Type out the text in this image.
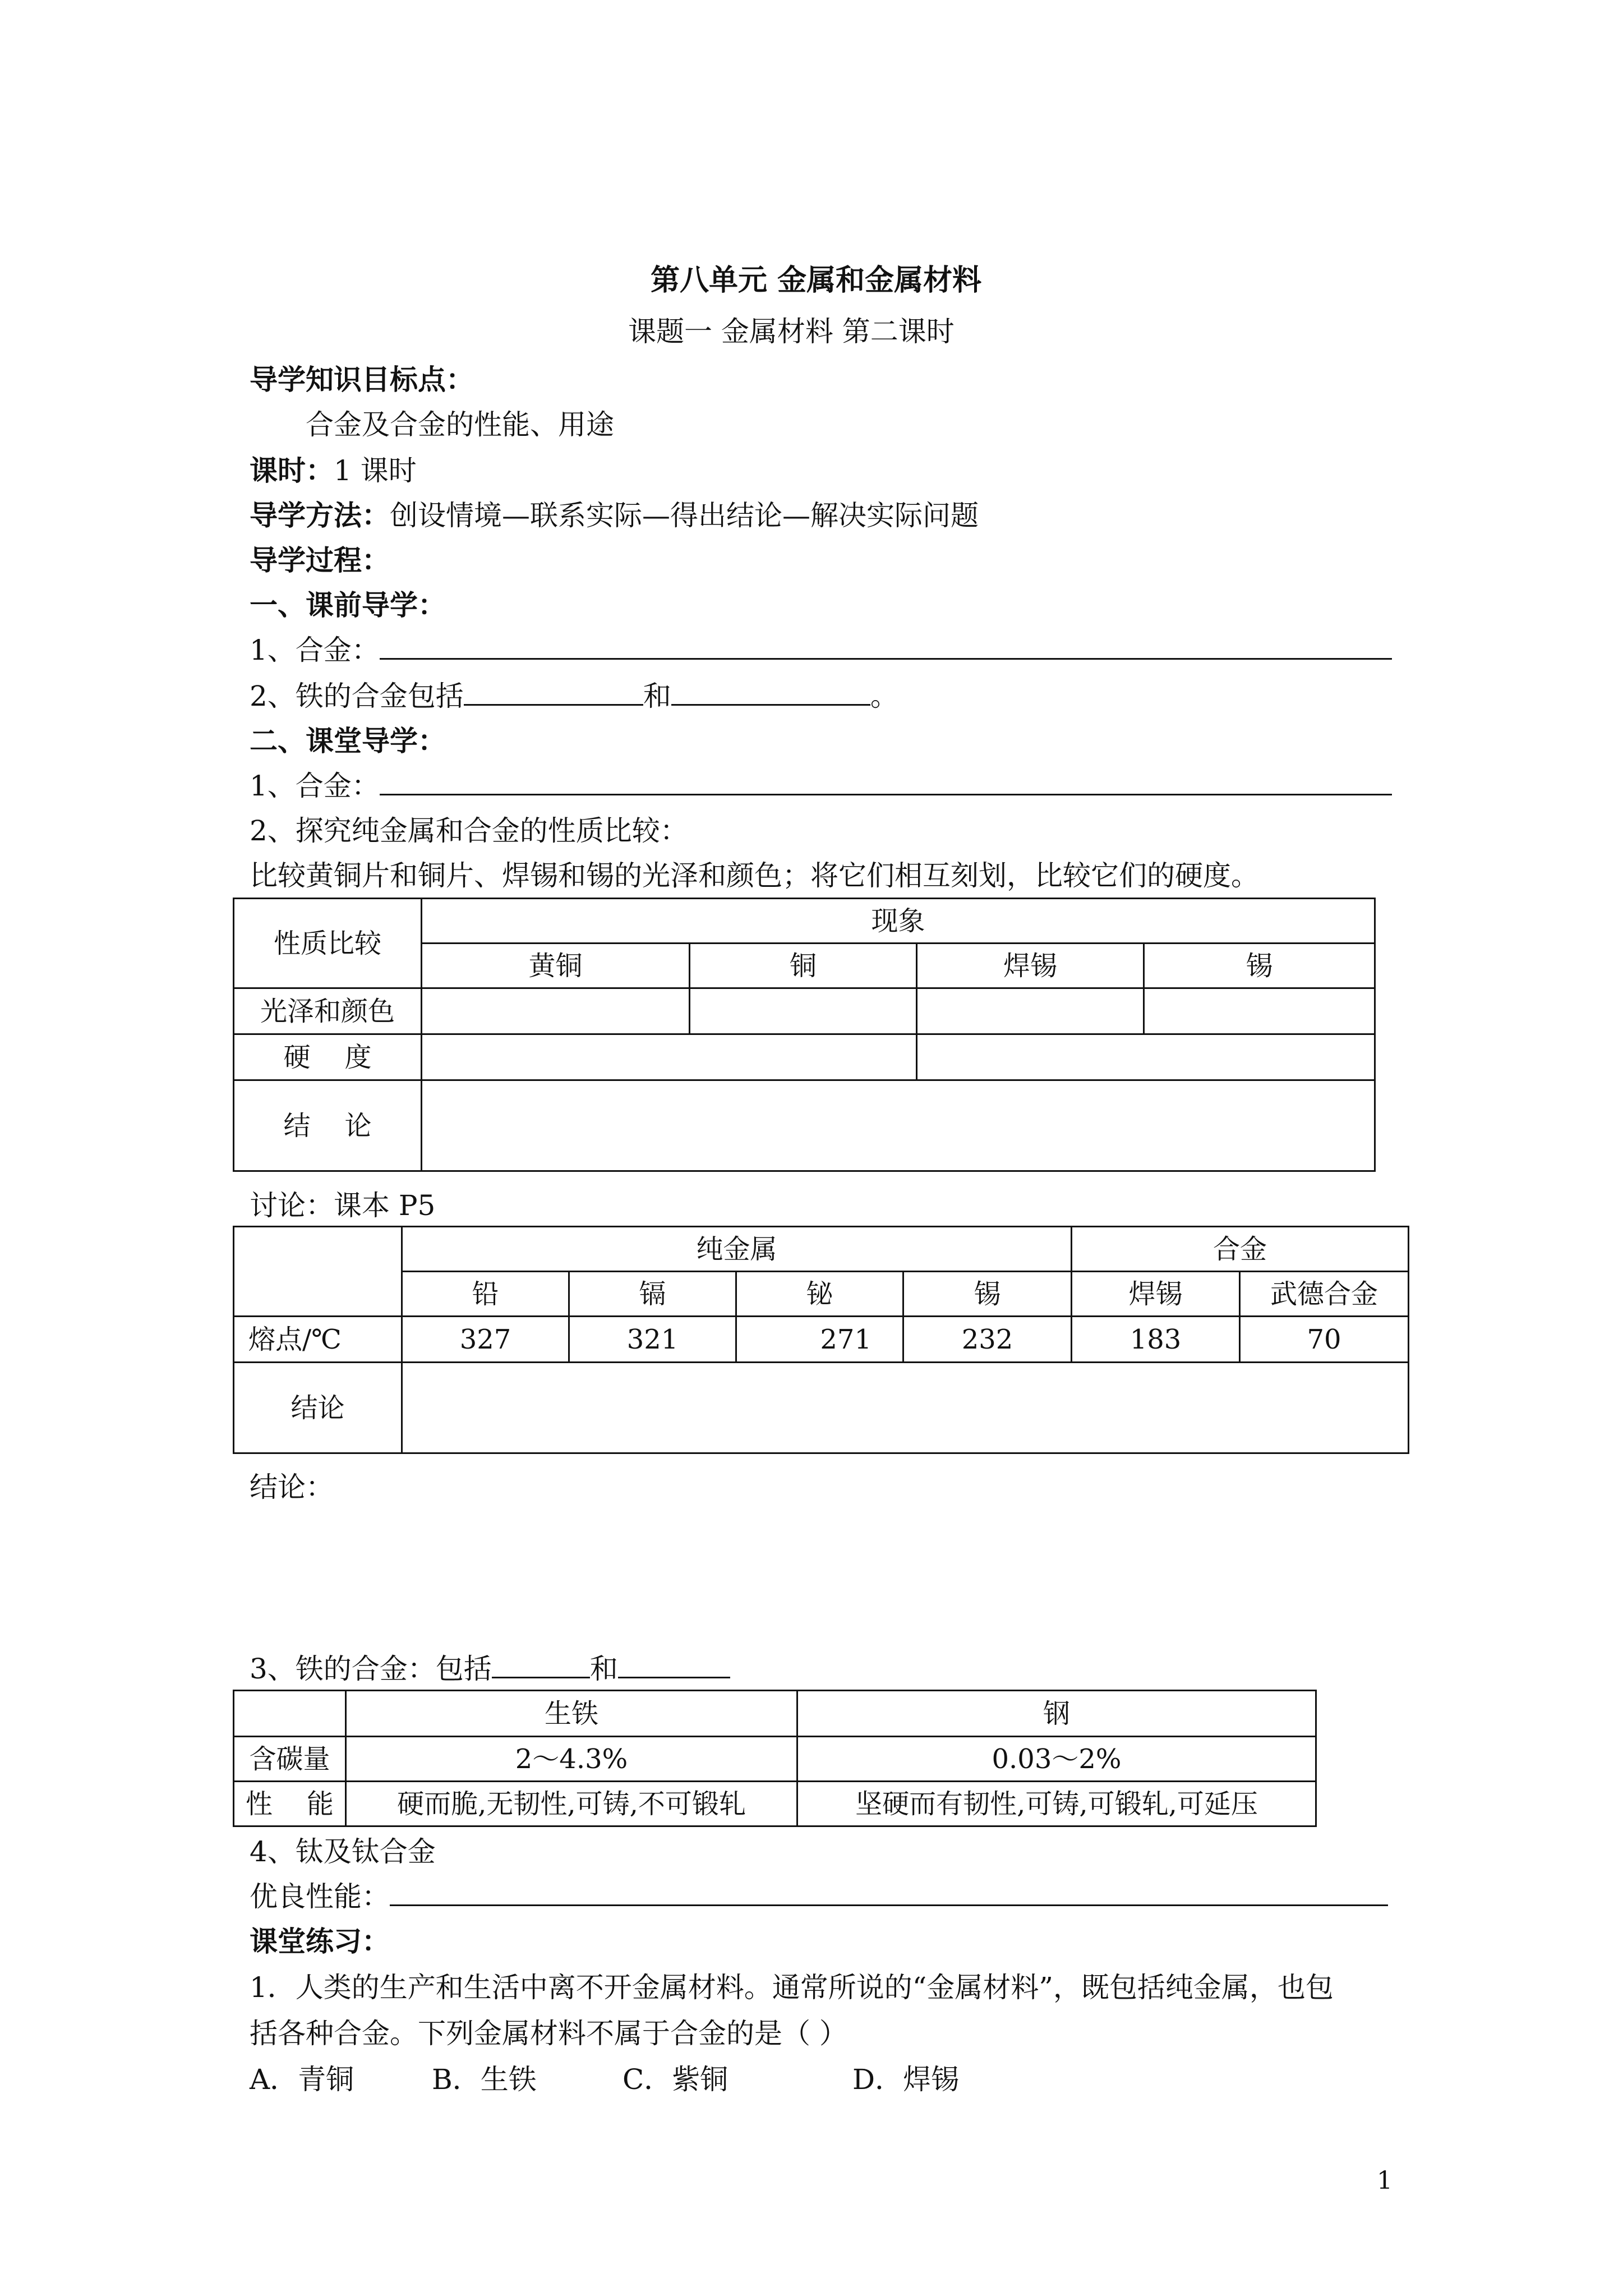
第八单元 金属和金属材料
课题一 金属材料 第二课时
导学知识目标点：
合金及合金的性能、用途
课时：1 课时
导学方法：创设情境—联系实际—得出结论—解决实际问题
导学过程：
一、课前导学：
1、合金：
2、铁的合金包括	和	。
二、课堂导学：
1、合金：
2、探究纯金属和合金的性质比较：
比较黄铜片和铜片、焊锡和锡的光泽和颜色；将它们相互刻划，比较它们的硬度。
性质比较	现象			
	黄铜	铜	焊锡	锡
光泽和颜色				
硬    度				
结    论				
讨论：课本 P5
	纯金属				合金	
	铅	镉	铋	锡	焊锡	武德合金
熔点/℃	327	321	271	232	183	70
结论						
结论：
3、铁的合金：包括	和
	生铁	钢
含碳量	2～4.3%	0.03～2%
性    能	硬而脆,无韧性,可铸,不可锻轧	坚硬而有韧性,可铸,可锻轧,可延压
4、钛及钛合金
优良性能：
课堂练习：
1．人类的生产和生活中离不开金属材料。通常所说的“金属材料”，既包括纯金属，也包
括各种合金。下列金属材料不属于合金的是（ ）
A．青铜	B．生铁	C．紫铜	D．焊锡
1
